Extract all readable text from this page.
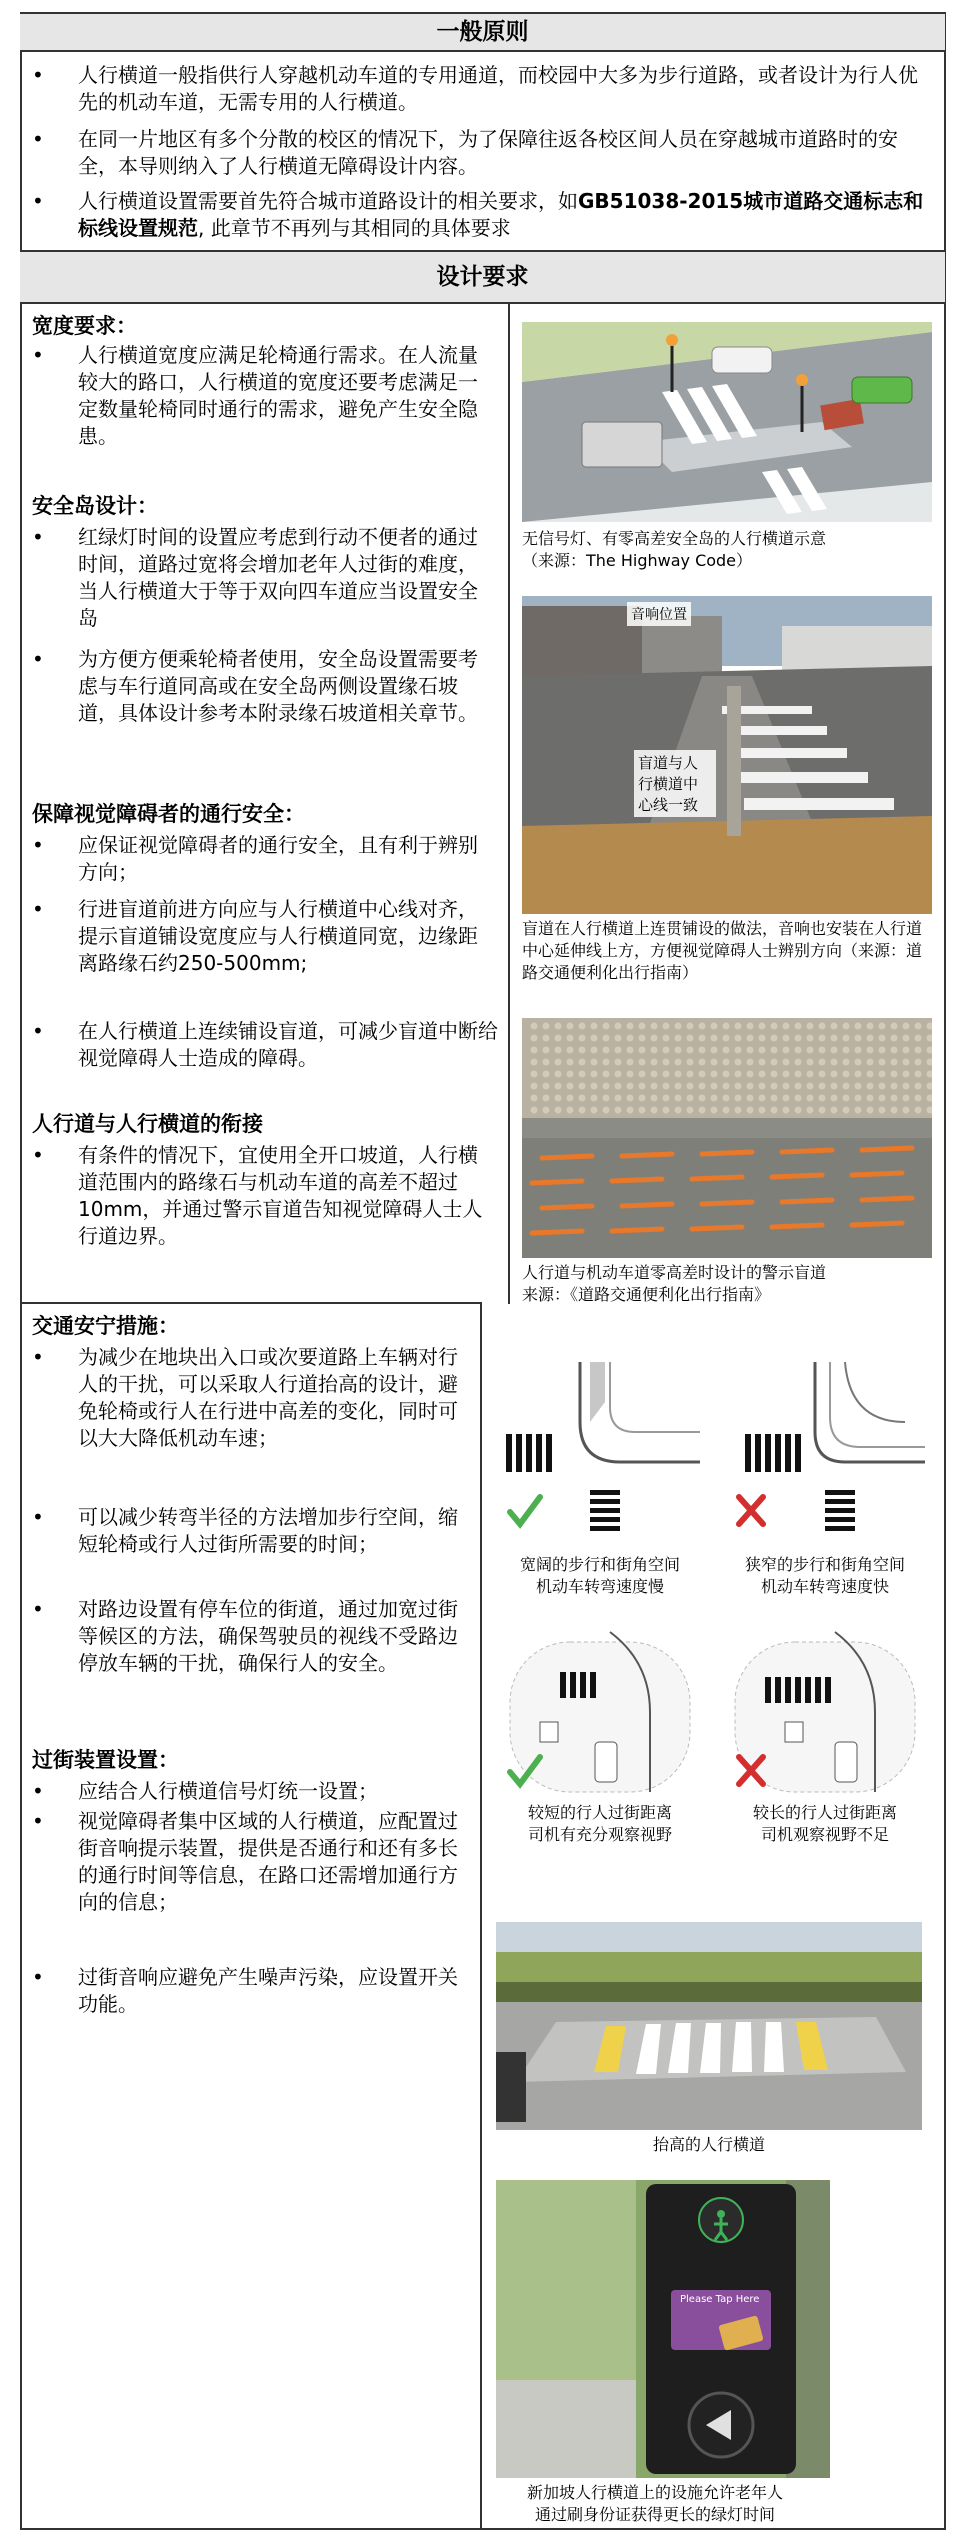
一般原则
设计要求
• 人行横道一般指供行人穿越机动车道的专用通道，而校园中大多为步行道路，或者设计为行人优先的机动车道，无需专用的人行横道。
• 在同一片地区有多个分散的校区的情况下，为了保障往返各校区间人员在穿越城市道路时的安全，本导则纳入了人行横道无障碍设计内容。
• 人行横道设置需要首先符合城市道路设计的相关要求，如GB51038-2015城市道路交通标志和标线设置规范, 此章节不再列与其相同的具体要求
宽度要求：
• 人行横道宽度应满足轮椅通行需求。在人流量较大的路口，人行横道的宽度还要考虑满足一定数量轮椅同时通行的需求，避免产生安全隐患。
安全岛设计：
• 红绿灯时间的设置应考虑到行动不便者的通过时间，道路过宽将会增加老年人过街的难度，当人行横道大于等于双向四车道应当设置安全岛
• 为方便方便乘轮椅者使用，安全岛设置需要考虑与车行道同高或在安全岛两侧设置缘石坡道，具体设计参考本附录缘石坡道相关章节。
保障视觉障碍者的通行安全：
• 应保证视觉障碍者的通行安全，且有利于辨别方向；
• 行进盲道前进方向应与人行横道中心线对齐，提示盲道铺设宽度应与人行横道同宽，边缘距离路缘石约250-500mm;
• 在人行横道上连续铺设盲道，可减少盲道中断给视觉障碍人士造成的障碍。
人行道与人行横道的衔接
• 有条件的情况下，宜使用全开口坡道，人行横道范围内的路缘石与机动车道的高差不超过10mm，并通过警示盲道告知视觉障碍人士人行道边界。
交通安宁措施：
• 为减少在地块出入口或次要道路上车辆对行人的干扰，可以采取人行道抬高的设计，避免轮椅或行人在行进中高差的变化，同时可以大大降低机动车速；
• 可以减少转弯半径的方法增加步行空间，缩短轮椅或行人过街所需要的时间；
• 对路边设置有停车位的街道，通过加宽过街等候区的方法，确保驾驶员的视线不受路边停放车辆的干扰，确保行人的安全。
过街装置设置：
• 应结合人行横道信号灯统一设置；
• 视觉障碍者集中区域的人行横道，应配置过街音响提示装置，提供是否通行和还有多长的通行时间等信息，在路口还需增加通行方向的信息；
• 过街音响应避免产生噪声污染，应设置开关功能。
无信号灯、有零高差安全岛的人行横道示意
（来源：The Highway Code）
音响位置
盲道与人
行横道中
心线一致
盲道在人行横道上连贯铺设的做法，音响也安装在人行道中心延伸线上方，方便视觉障碍人士辨别方向（来源：道路交通便利化出行指南）
人行道与机动车道零高差时设计的警示盲道
来源：《道路交通便利化出行指南》
宽阔的步行和街角空间
机动车转弯速度慢
狭窄的步行和街角空间
机动车转弯速度快
较短的行人过街距离
司机有充分观察视野
较长的行人过街距离
司机观察视野不足
抬高的人行横道
Please Tap Here
新加坡人行横道上的设施允许老年人
通过刷身份证获得更长的绿灯时间
